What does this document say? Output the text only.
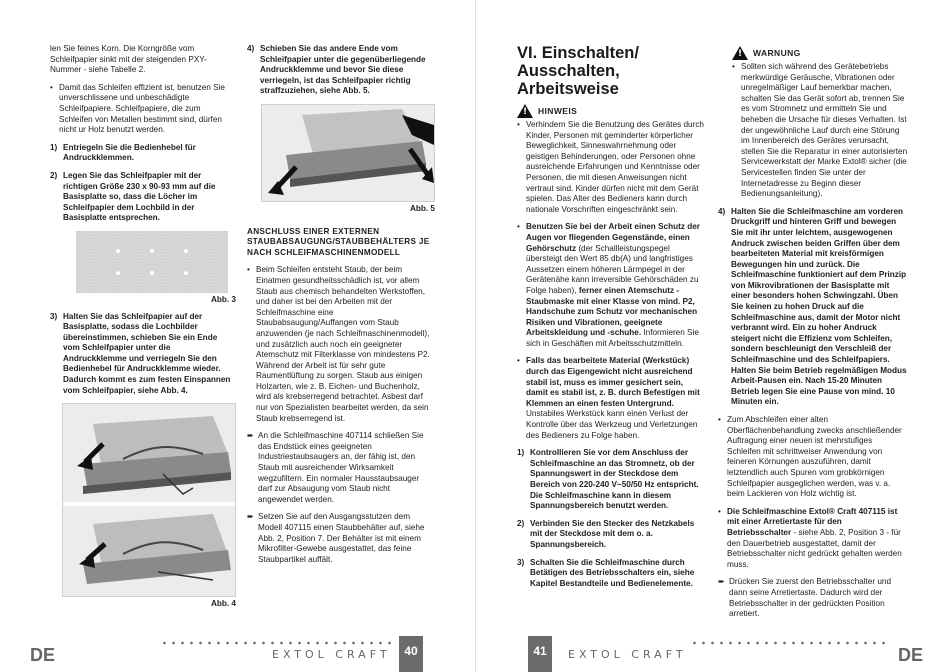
len Sie feines Korn. Die Korngröße vom Schleifpapier sinkt mit der steigenden PXY-Nummer - siehe Tabelle 2.

• Damit das Schleifen effizient ist, benutzen Sie unverschlissene und unbeschädigte Schleifpapiere. Schleifpapiere, die zum Schleifen von Metallen bestimmt sind, dürfen nicht ur Holz benutzt werden.

1) Entriegeln Sie die Bedienhebel für Andruckklemmen.

2) Legen Sie das Schleifpapier mit der richtigen Größe 230 x 90-93 mm auf die Basisplatte so, dass die Löcher im Schleifpapier dem Lochbild in der Basisplatte entsprechen.

Abb. 3

3) Halten Sie das Schleifpapier auf der Basisplatte, sodass die Lochbilder übereinstimmen, schieben Sie ein Ende vom Schleifpapier unter die Andruckklemme und verriegeln Sie den Bedienhebel für Andruckklemme wieder. Dadurch kommt es zum festen Einspannen vom Schleifpapier, siehe Abb. 4.

Abb. 4

4) Schieben Sie das andere Ende vom Schleifpapier unter die gegenüberliegende Andruckklemme und bevor Sie diese verriegeln, ist das Schleifpapier richtig straffzuziehen, siehe Abb. 5.

Abb. 5

ANSCHLUSS EINER EXTERNEN STAUBABSAUGUNG/STAUBBEHÄLTERS JE NACH SCHLEIFMASCHINENMODELL

• Beim Schleifen entsteht Staub, der beim Einatmen gesundheitsschädlich ist, vor allem Staub aus chemisch behandelten Werkstoffen, und daher ist bei den Arbeiten mit der Schleifmaschine eine Staubabsaugung/Auffangen vom Staub anzuwenden (je nach Schleifmaschinenmodell), und zusätzlich auch noch ein geeigneter Atemschutz mit Filterklasse von mindestens P2. Während der Arbeit ist für sehr gute Raumentlüftung zu sorgen. Staub aus einigen Holzarten, wie z. B. Eichen- und Buchenholz, wird als krebserregend betrachtet. Asbest darf nur von Spezialisten bearbeitet werden, da sein Staub krebserregend ist.

➨ An die Schleifmaschine 407114 schließen Sie das Endstück eines geeigneten Industriestaubsaugers an, der fähig ist, den Staub mit ausreichender Wirksamkeit wegzufiltern. Ein normaler Hausstaubsauger darf zur Absaugung vom Staub nicht angewendet werden.

➨ Setzen Sie auf den Ausgangsstutzen dem Modell 407115 einen Staubbehälter auf, siehe Abb. 2, Position 7. Der Behälter ist mit einem Mikrofilter-Gewebe ausgestattet, das feine Staubpartikel auffält.

DE	EXTOL CRAFT	40
VI. Einschalten/ Ausschalten, Arbeitsweise
! HINWEIS

• Verhindern Sie die Benutzung des Gerätes durch Kinder, Personen mit geminderter körperlicher Beweglichkeit, Sinneswahrnehmung oder geistigen Behinderungen, oder Personen ohne ausreichende Erfahrungen und Kenntnisse oder Personen, die mit diesen Anweisungen nicht vertraut sind. Kinder dürfen nicht mit dem Gerät spielen. Das Alter des Bedieners kann durch nationale Vorschriften eingeschränkt sein.

• Benutzen Sie bei der Arbeit einen Schutz der Augen vor fliegenden Gegenstände, einen Gehörschutz (der Schallleistungspegel übersteigt den Wert 85 db(A) und langfristiges Aussetzen einem höheren Lärmpegel in der Gerätenähe kann irreversible Gehörschäden zu Folge haben), ferner einen Atemschutz - Staubmaske mit einer Klasse von mind. P2, Handschuhe zum Schutz vor mechanischen Risiken und Vibrationen, geeignete Arbeitskleidung und -schuhe. Informieren Sie sich in Geschäften mit Arbeitsschutzmitteln.

• Falls das bearbeitete Material (Werkstück) durch das Eigengewicht nicht ausreichend stabil ist, muss es immer gesichert sein, damit es stabil ist, z. B. durch Befestigen mit Klemmen an einen festen Untergrund. Unstabiles Werkstück kann einen Verlust der Kontrolle über das Werkzeug und Verletzungen des Bedieners zu Folge haben.

1) Kontrollieren Sie vor dem Anschluss der Schleifmaschine an das Stromnetz, ob der Spannungswert in der Steckdose dem Bereich von 220-240 V~50/50 Hz entspricht. Die Schleifmaschine kann in diesem Spannungsbereich benutzt werden.

2) Verbinden Sie den Stecker des Netzkabels mit der Steckdose mit dem o. a. Spannungsbereich.

3) Schalten Sie die Schleifmaschine durch Betätigen des Betriebsschalters ein, siehe Kapitel Bestandteile und Bedienelemente.

! WARNUNG

• Sollten sich während des Gerätebetriebs merkwürdige Geräusche, Vibrationen oder unregelmäßiger Lauf bemerkbar machen, schalten Sie das Gerät sofort ab, trennen Sie es vom Stromnetz und ermitteln Sie und beheben die Ursache für dieses Verhalten. Ist der ungewöhnliche Lauf durch eine Störung im Innenbereich des Gerätes verursacht, stellen Sie die Reparatur in einer autorisierten Servicewerkstatt der Marke Extol® sicher (die Servicestellen finden Sie unter der Internetadresse zu Beginn dieser Bedienungsanleitung).

4) Halten Sie die Schleifmaschine am vorderen Druckgriff und hinteren Griff und bewegen Sie mit ihr unter leichtem, ausgewogenen Andruck zwischen beiden Griffen über dem bearbeiteten Material mit kreisförmigen Bewegungen hin und zurück. Die Schleifmaschine funktioniert auf dem Prinzip von Mikrovibrationen der Basisplatte mit einer besonders hohen Schwingzahl. Üben Sie keinen zu hohen Druck auf die Schleifmaschine aus, damit der Motor nicht verbrannt wird. Ein zu hoher Andruck steigert nicht die Effizienz vom Schleifen, sondern beschleunigt den Verschleiß der Schleifmaschine und des Schleifpapiers. Halten Sie beim Betrieb regelmäßigen Modus Arbeit-Pausen ein. Nach 15-20 Minuten Betrieb legen Sie eine Pause von mind. 10 Minuten ein.

• Zum Abschleifen einer alten Oberflächenbehandlung zwecks anschließender Auftragung einer neuen ist mehrstufiges Schleifen mit schrittweiser Anwendung von feineren Körnungen auszuführen, damit letztendlich auch Spuren vom grobkörnigen Schleifpapier ausgeglichen werden, was v. a. beim Lackieren von Holz wichtig ist.

• Die Schleifmaschine Extol® Craft 407115 ist mit einer Arretiertaste für den Betriebsschalter - siehe Abb. 2, Position 3 - für den Dauerbetrieb ausgestattet, damit der Betriebsschalter nicht gedrückt gehalten werden muss.

➨ Drücken Sie zuerst den Betriebsschalter und dann seine Arretiertaste. Dadurch wird der Betriebsschalter in der gedrückten Position arretiert.

41	EXTOL CRAFT	DE
